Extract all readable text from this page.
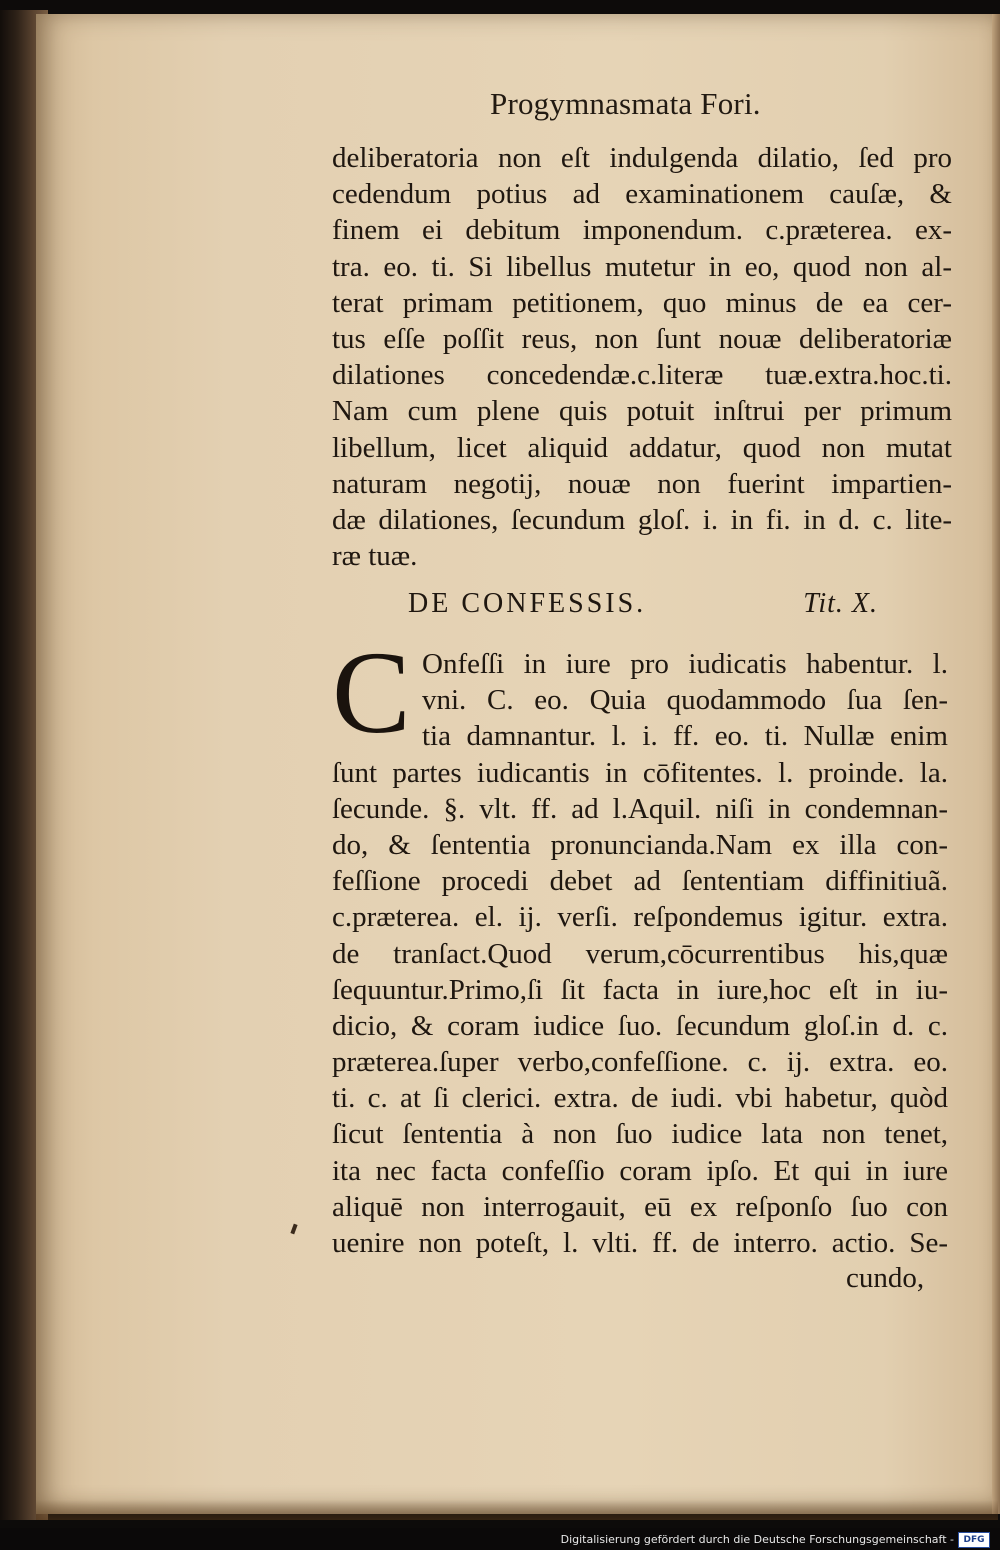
Progymnasmata Fori.
deliberatoria non eſt indulgenda dilatio, ſed pro
cedendum potius ad examinationem cauſæ, &
finem ei debitum imponendum. c.prætereа. ex-
tra. eo. ti. Si libellus mutetur in eo, quod non al-
terat primam petitionem, quo minus de ea cer-
tus eſſe poſſit reus, non ſunt nouæ deliberatoriæ
dilationes concedendæ.c.literæ tuæ.extra.hoc.ti.
Nam cum plene quis potuit inſtrui per primum
libellum, licet aliquid addatur, quod non mutat
naturam negotij, nouæ non fuerint impartien-
dæ dilationes, ſecundum gloſ. i. in fi. in d. c. lite-
ræ tuæ.
DE CONFESSIS.	Tit. X.
C Onfeſſi in iure pro iudicatis habentur. l.
vni. C. eo. Quia quodammodo ſua ſen-
tia damnantur. l. i. ff. eo. ti. Nullæ enim
ſunt partes iudicantis in cōfitentes. l. proinde. la.
ſecunde. §. vlt. ff. ad l.Aquil. niſi in condemnan-
do, & ſententia pronuncianda.Nam ex illa con-
feſſione procedi debet ad ſententiam diffinitiuã.
c.prætereа. el. ij. verſi. reſpondemus igitur. extra.
de tranſact.Quod verum,cōcurrentibus his,quæ
ſequuntur.Primo,ſi ſit facta in iure,hoc eſt in iu-
dicio, & coram iudice ſuo. ſecundum gloſ.in d. c.
prætereа.ſuper verbo,confeſſione. c. ij. extra. eo.
ti. c. at ſi clerici. extra. de iudi. vbi habetur, quòd
ſicut ſententia à non ſuo iudice lata non tenet,
ita nec facta confeſſio coram ipſo. Et qui in iure
aliquē non interrogauit, eū ex reſponſo ſuo con
uenire non poteſt, l. vlti. ff. de interro. actio. Se-
cundo,
Digitalisierung gefördert durch die Deutsche Forschungsgemeinschaft -	DFG
